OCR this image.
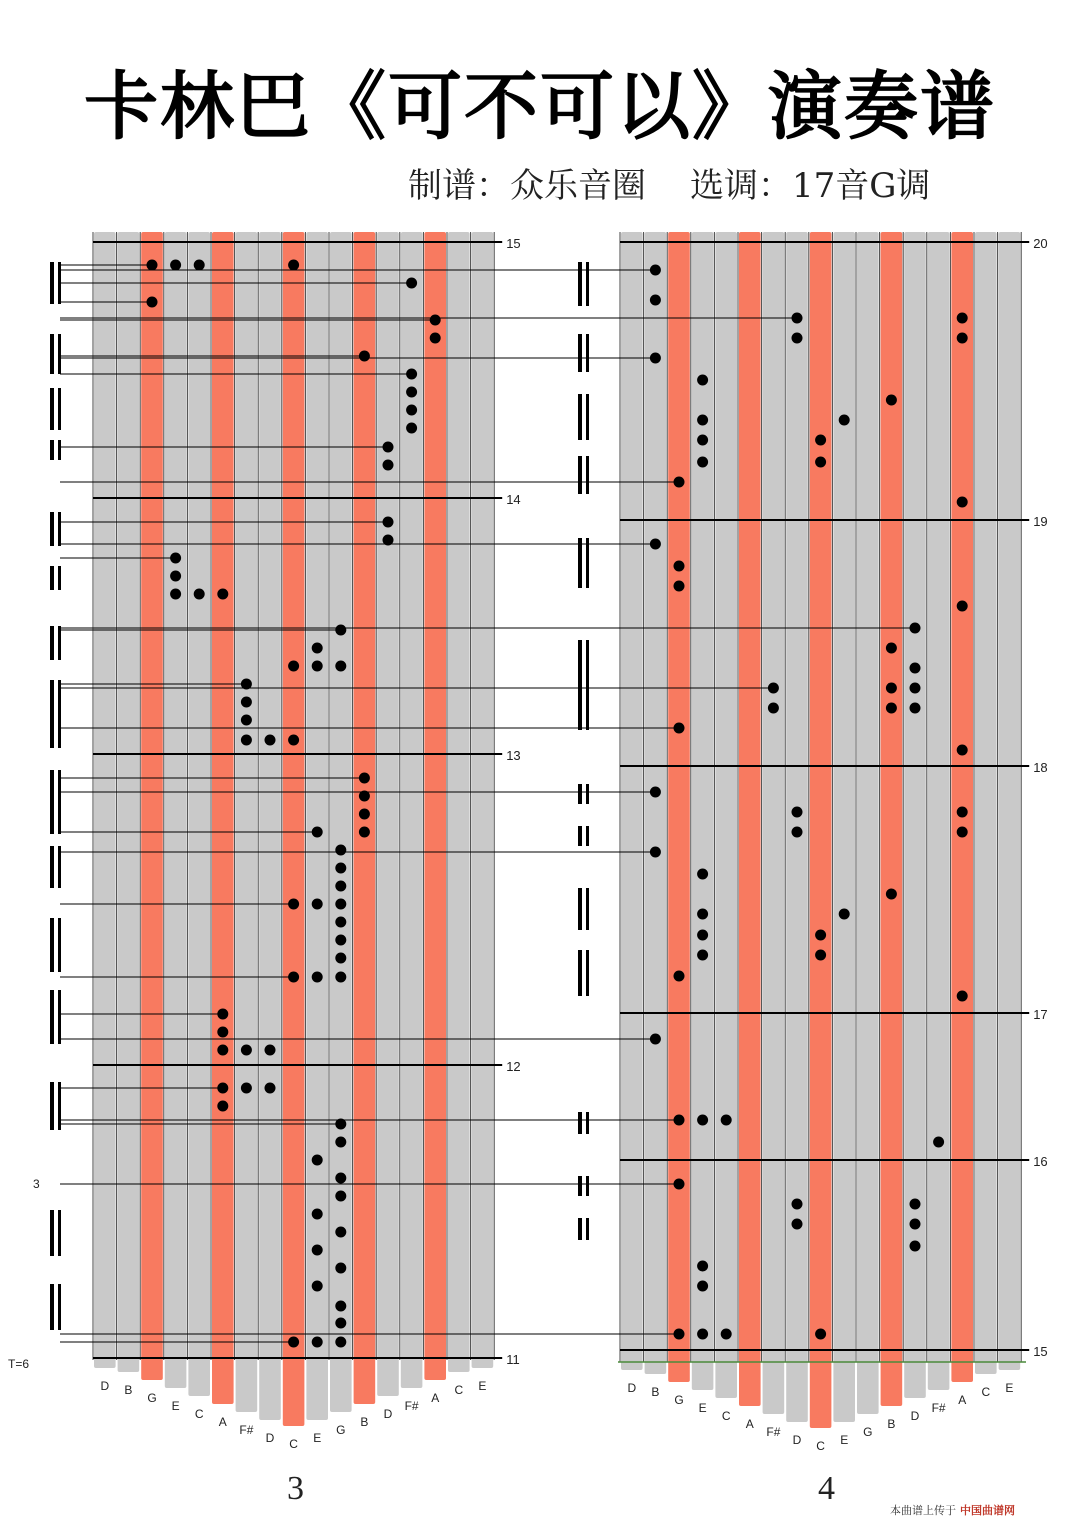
卡林巴《可不可以》演奏谱
制谱：众乐音圈 选调：17音G调
D B
G
E
C
A
F#
D C E
G
B
D
F#
A
C E
15
14
13
12
11
3
T=6
D B
G
E
C
A
F#
D C E
G
B
D
F#
A
C E
20
19
18
17
16
15
3	4
本曲谱上传于 中国曲谱网
